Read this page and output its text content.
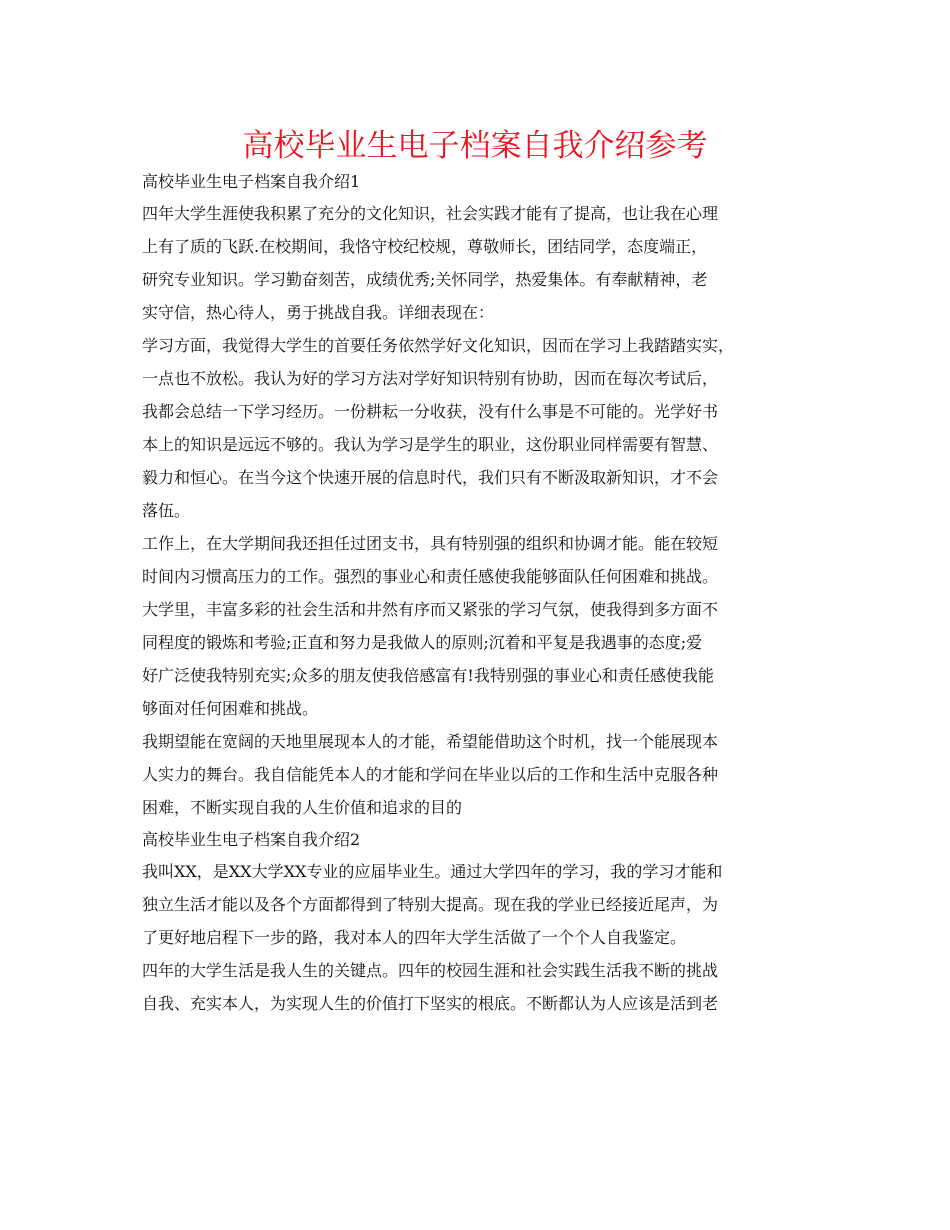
高校毕业生电子档案自我介绍参考
高校毕业生电子档案自我介绍1
四年大学生涯使我积累了充分的文化知识，社会实践才能有了提高，也让我在心理
上有了质的飞跃.在校期间，我恪守校纪校规，尊敬师长，团结同学，态度端正，
研究专业知识。学习勤奋刻苦，成绩优秀;关怀同学，热爱集体。有奉献精神，老
实守信，热心待人，勇于挑战自我。详细表现在：
学习方面，我觉得大学生的首要任务依然学好文化知识，因而在学习上我踏踏实实，
一点也不放松。我认为好的学习方法对学好知识特别有协助，因而在每次考试后，
我都会总结一下学习经历。一份耕耘一分收获，没有什么事是不可能的。光学好书
本上的知识是远远不够的。我认为学习是学生的职业，这份职业同样需要有智慧、
毅力和恒心。在当今这个快速开展的信息时代，我们只有不断汲取新知识，才不会
落伍。
工作上，在大学期间我还担任过团支书，具有特别强的组织和协调才能。能在较短
时间内习惯高压力的工作。强烈的事业心和责任感使我能够面队任何困难和挑战。
大学里，丰富多彩的社会生活和井然有序而又紧张的学习气氛，使我得到多方面不
同程度的锻炼和考验;正直和努力是我做人的原则;沉着和平复是我遇事的态度;爱
好广泛使我特别充实;众多的朋友使我倍感富有!我特别强的事业心和责任感使我能
够面对任何困难和挑战。
我期望能在宽阔的天地里展现本人的才能，希望能借助这个时机，找一个能展现本
人实力的舞台。我自信能凭本人的才能和学问在毕业以后的工作和生活中克服各种
困难，不断实现自我的人生价值和追求的目的
高校毕业生电子档案自我介绍2
我叫XX，是XX大学XX专业的应届毕业生。通过大学四年的学习，我的学习才能和
独立生活才能以及各个方面都得到了特别大提高。现在我的学业已经接近尾声，为
了更好地启程下一步的路，我对本人的四年大学生活做了一个个人自我鉴定。
四年的大学生活是我人生的关键点。四年的校园生涯和社会实践生活我不断的挑战
自我、充实本人，为实现人生的价值打下坚实的根底。不断都认为人应该是活到老
